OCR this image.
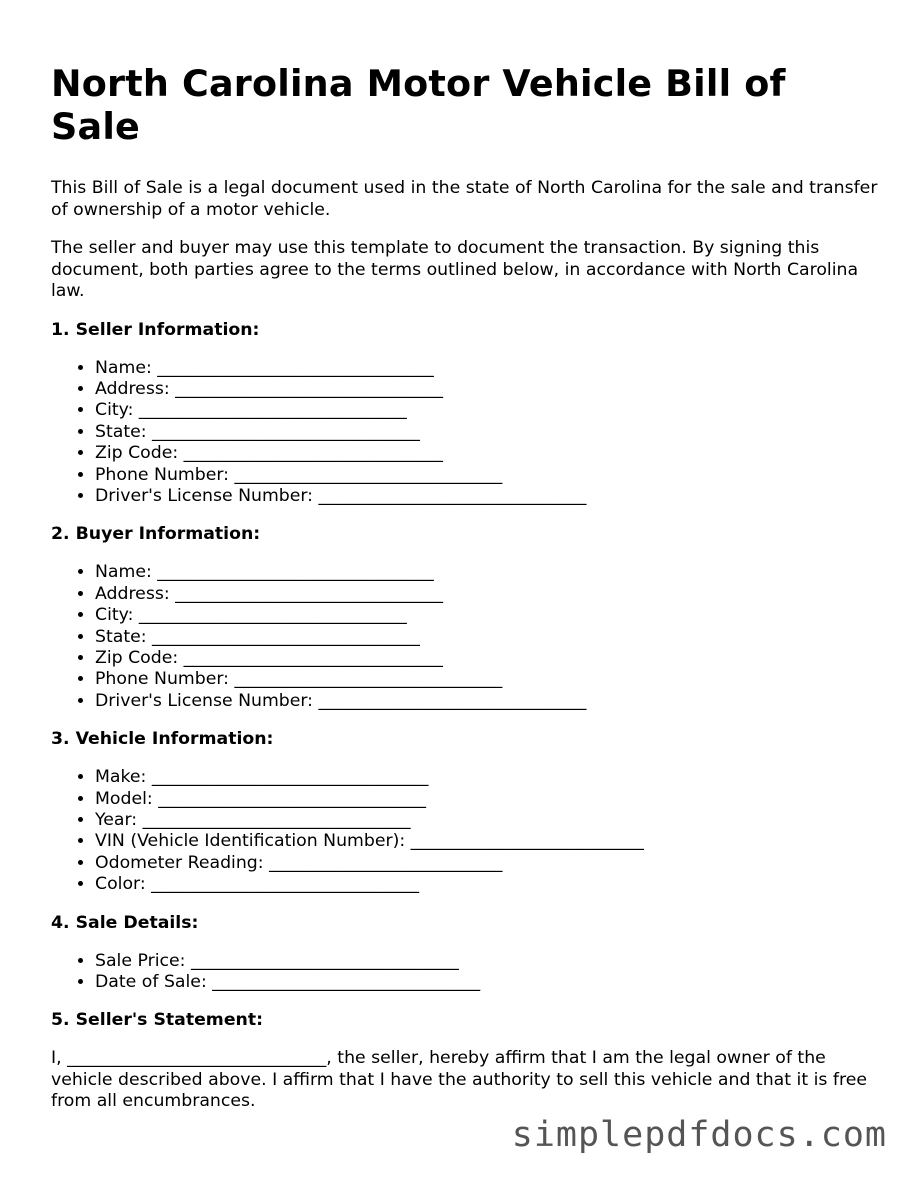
North Carolina Motor Vehicle Bill of Sale

This Bill of Sale is a legal document used in the state of North Carolina for the sale and transfer of ownership of a motor vehicle.

The seller and buyer may use this template to document the transaction. By signing this document, both parties agree to the terms outlined below, in accordance with North Carolina law.

1. Seller Information:
• Name: ________________________________
• Address: _______________________________
• City: _______________________________
• State: _______________________________
• Zip Code: ______________________________
• Phone Number: _______________________________
• Driver's License Number: _______________________________
2. Buyer Information:
• Name: ________________________________
• Address: _______________________________
• City: _______________________________
• State: _______________________________
• Zip Code: ______________________________
• Phone Number: _______________________________
• Driver's License Number: _______________________________
3. Vehicle Information:
• Make: ________________________________
• Model: _______________________________
• Year: _______________________________
• VIN (Vehicle Identification Number): ___________________________
• Odometer Reading: ___________________________
• Color: _______________________________
4. Sale Details:
• Sale Price: _______________________________
• Date of Sale: _______________________________
5. Seller's Statement:

I, ______________________________, the seller, hereby affirm that I am the legal owner of the vehicle described above. I affirm that I have the authority to sell this vehicle and that it is free from all encumbrances.

simplepdfdocs.com
